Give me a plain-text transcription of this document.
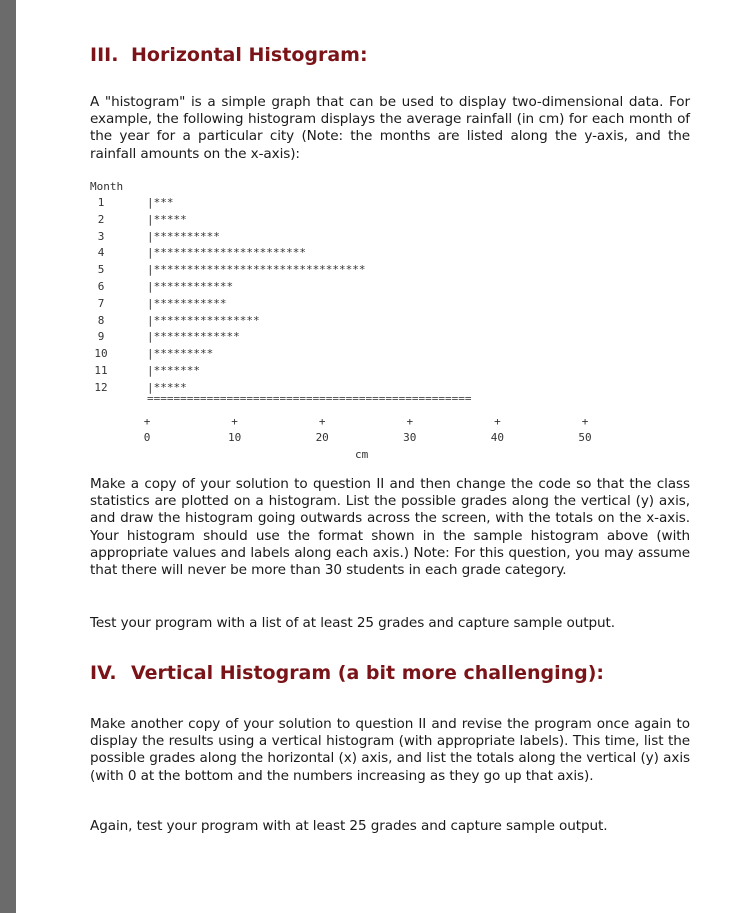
III. Horizontal Histogram:

A "histogram" is a simple graph that can be used to display two-dimensional data. For example, the following histogram displays the average rainfall (in cm) for each month of the year for a particular city (Note: the months are listed along the y-axis, and the rainfall amounts on the x-axis):

Month
1	|***
2	|*****
3	|**********
4	|***********************
5	|********************************
6	|************
7	|***********
8	|****************
9	|*************
10	|*********
11	|*******
12	|*****
=================================================
+
0
+
10
+
20
+
30
+
40
+
50
cm

Make a copy of your solution to question II and then change the code so that the class statistics are plotted on a histogram. List the possible grades along the vertical (y) axis, and draw the histogram going outwards across the screen, with the totals on the x-axis. Your histogram should use the format shown in the sample histogram above (with appropriate values and labels along each axis.) Note: For this question, you may assume that there will never be more than 30 students in each grade category.

Test your program with a list of at least 25 grades and capture sample output.

IV. Vertical Histogram (a bit more challenging):

Make another copy of your solution to question II and revise the program once again to display the results using a vertical histogram (with appropriate labels). This time, list the possible grades along the horizontal (x) axis, and list the totals along the vertical (y) axis (with 0 at the bottom and the numbers increasing as they go up that axis).

Again, test your program with at least 25 grades and capture sample output.
